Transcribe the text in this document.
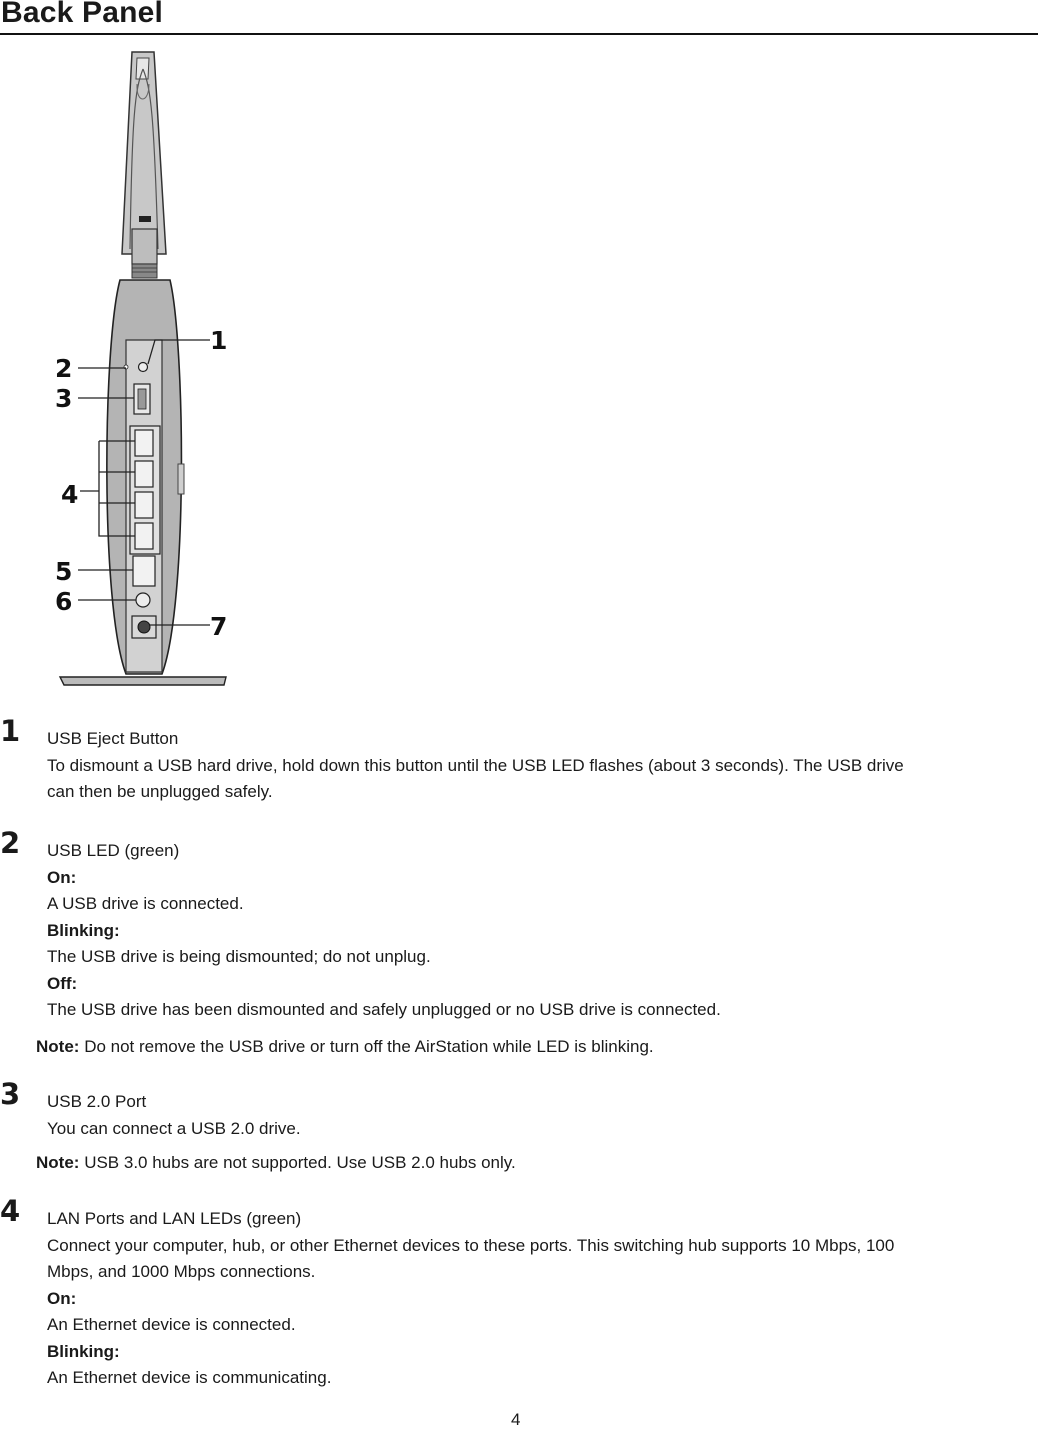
Back Panel
1
2
3
4
5
6
7
1 USB Eject Button
To dismount a USB hard drive, hold down this button until the USB LED flashes (about 3 seconds). The USB drive
can then be unplugged safely.
2 USB LED (green)
On:
A USB drive is connected.
Blinking:
The USB drive is being dismounted; do not unplug.
Off:
The USB drive has been dismounted and safely unplugged or no USB drive is connected.
Note: Do not remove the USB drive or turn off the AirStation while LED is blinking.
3 USB 2.0 Port
You can connect a USB 2.0 drive.
Note: USB 3.0 hubs are not supported. Use USB 2.0 hubs only.
4 LAN Ports and LAN LEDs (green)
Connect your computer, hub, or other Ethernet devices to these ports. This switching hub supports 10 Mbps, 100
Mbps, and 1000 Mbps connections.
On:
An Ethernet device is connected.
Blinking:
An Ethernet device is communicating.
4
